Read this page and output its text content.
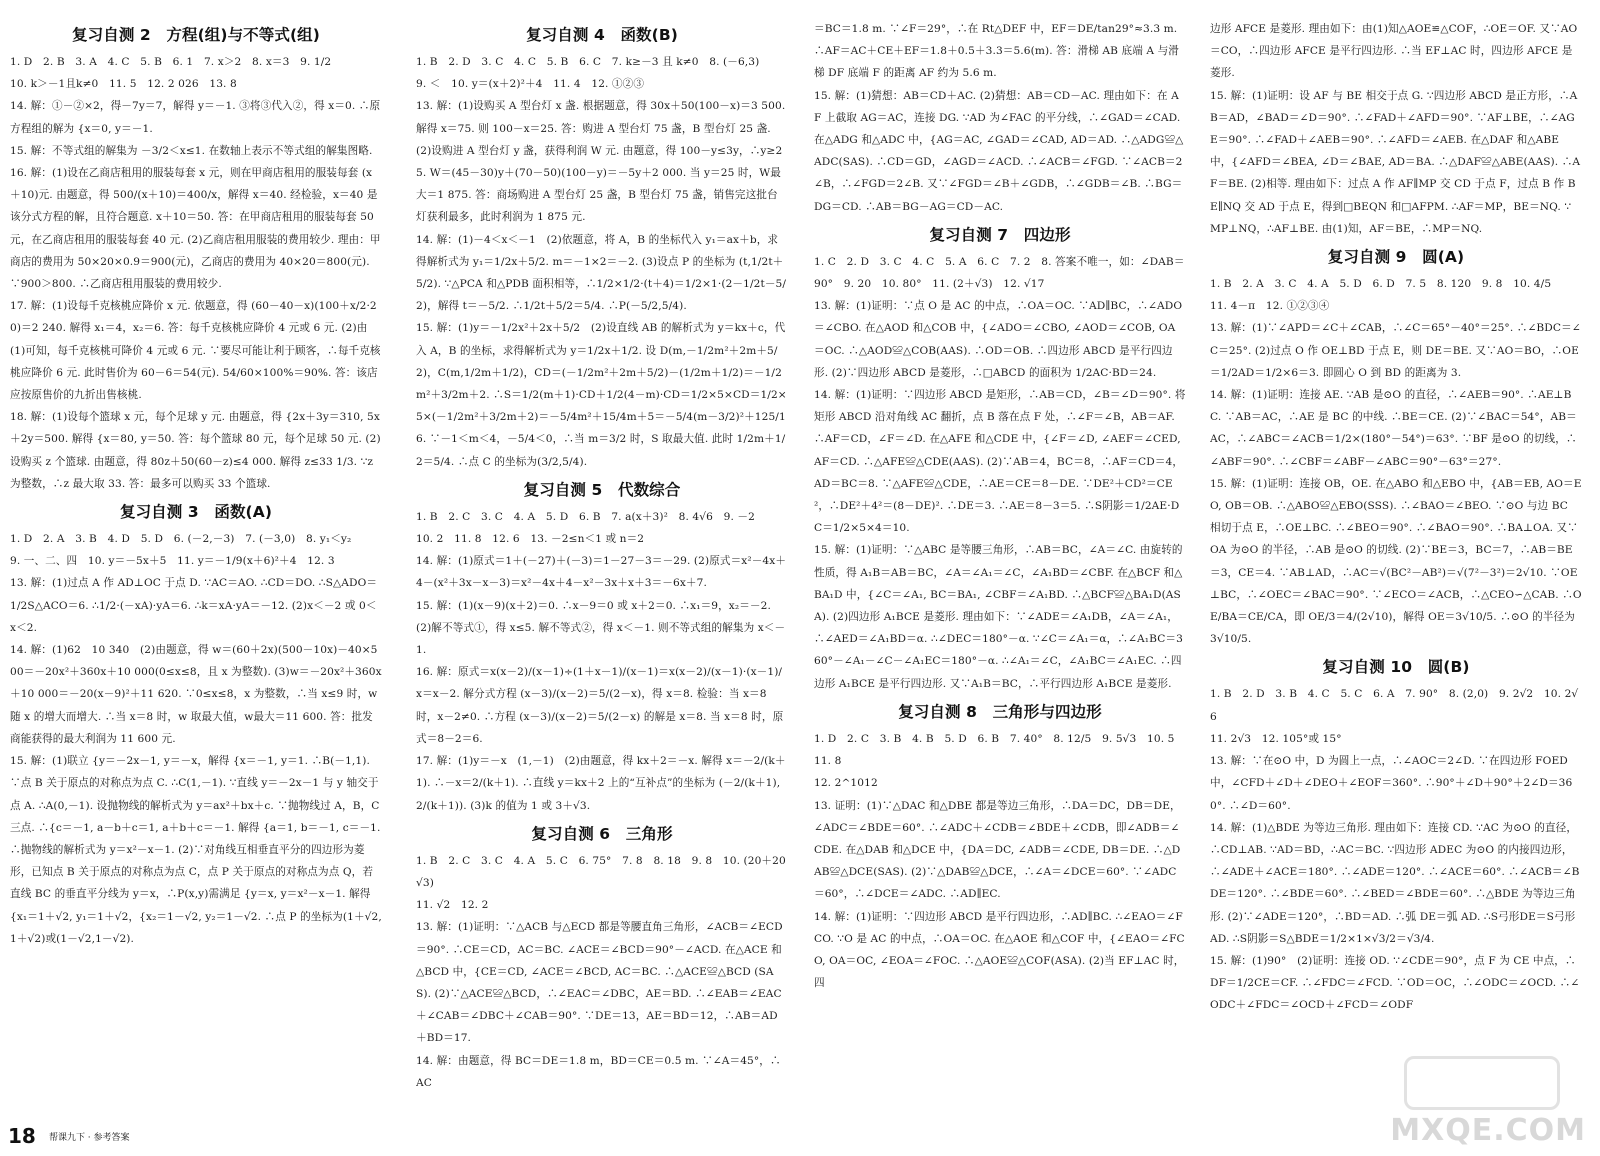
复习自测 2　方程(组)与不等式(组)

1. D　2. B　3. A　4. C　5. B　6. 1　7. x＞2　8. x＝3　9. 1/2

10. k＞－1且k≠0　11. 5　12. 2 026　13. 8

14. 解：①－②×2，得－7y＝7，解得 y＝－1. ③将③代入②，得 x＝0. ∴原方程组的解为 {x＝0, y＝－1.

15. 解：不等式组的解集为 －3/2＜x≤1. 在数轴上表示不等式组的解集图略.

16. 解：(1)设在乙商店租用的服装每套 x 元，则在甲商店租用的服装每套 (x＋10)元. 由题意，得 500/(x＋10)＝400/x，解得 x＝40. 经检验，x＝40 是该分式方程的解，且符合题意. x＋10＝50. 答：在甲商店租用的服装每套 50 元，在乙商店租用的服装每套 40 元. (2)乙商店租用服装的费用较少. 理由：甲商店的费用为 50×20×0.9＝900(元)，乙商店的费用为 40×20＝800(元). ∵900＞800. ∴乙商店租用服装的费用较少.

17. 解：(1)设每千克核桃应降价 x 元. 依题意，得 (60－40－x)(100＋x/2·20)＝2 240. 解得 x₁＝4，x₂＝6. 答：每千克核桃应降价 4 元或 6 元. (2)由(1)可知，每千克核桃可降价 4 元或 6 元. ∵要尽可能让利于顾客，∴每千克核桃应降价 6 元. 此时售价为 60－6＝54(元). 54/60×100%＝90%. 答：该店应按原售价的九折出售核桃.

18. 解：(1)设每个篮球 x 元，每个足球 y 元. 由题意，得 {2x＋3y＝310, 5x＋2y＝500. 解得 {x＝80, y＝50. 答：每个篮球 80 元，每个足球 50 元. (2)设购买 z 个篮球. 由题意，得 80z＋50(60－z)≤4 000. 解得 z≤33 1/3. ∵z 为整数，∴z 最大取 33. 答：最多可以购买 33 个篮球.

复习自测 3　函数(A)

1. D　2. A　3. B　4. D　5. D　6. (－2,－3)　7. (－3,0)　8. y₁＜y₂

9. 一、二、四　10. y＝－5x＋5　11. y＝－1/9(x＋6)²＋4　12. 3

13. 解：(1)过点 A 作 AD⊥OC 于点 D. ∵AC＝AO. ∴CD＝DO. ∴S△ADO＝1/2S△ACO＝6. ∴1/2·(－xA)·yA＝6. ∴k＝xA·yA＝－12. (2)x＜－2 或 0＜x＜2.

14. 解：(1)62　10 340　(2)由题意，得 w＝(60＋2x)(500－10x)－40×500＝－20x²＋360x＋10 000(0≤x≤8，且 x 为整数). (3)w＝－20x²＋360x＋10 000＝－20(x－9)²＋11 620. ∵0≤x≤8，x 为整数，∴当 x≤9 时，w 随 x 的增大而增大. ∴当 x＝8 时，w 取最大值，w最大＝11 600. 答：批发商能获得的最大利润为 11 600 元.

15. 解：(1)联立 {y＝－2x－1, y＝－x，解得 {x＝－1, y＝1. ∴B(－1,1). ∵点 B 关于原点的对称点为点 C. ∴C(1,－1). ∵直线 y＝－2x－1 与 y 轴交于点 A. ∴A(0,－1). 设抛物线的解析式为 y＝ax²＋bx＋c. ∵抛物线过 A，B，C 三点. ∴{c＝－1, a－b＋c＝1, a＋b＋c＝－1. 解得 {a＝1, b＝－1, c＝－1. ∴抛物线的解析式为 y＝x²－x－1. (2)∵对角线互相垂直平分的四边形为菱形，已知点 B 关于原点的对称点为点 C，点 P 关于原点的对称点为点 Q，若直线 BC 的垂直平分线为 y＝x，∴P(x,y)需满足 {y＝x, y＝x²－x－1. 解得 {x₁＝1＋√2, y₁＝1＋√2，{x₂＝1－√2, y₂＝1－√2. ∴点 P 的坐标为(1＋√2,1＋√2)或(1－√2,1－√2).

复习自测 4　函数(B)

1. B　2. D　3. C　4. C　5. B　6. C　7. k≥－3 且 k≠0　8. (－6,3)

9. ＜　10. y＝(x＋2)²＋4　11. 4　12. ①②③

13. 解：(1)设购买 A 型台灯 x 盏. 根据题意，得 30x＋50(100－x)＝3 500. 解得 x＝75. 则 100－x＝25. 答：购进 A 型台灯 75 盏，B 型台灯 25 盏. (2)设购进 A 型台灯 y 盏，获得利润 W 元. 由题意，得 100－y≤3y，∴y≥25. W＝(45－30)y＋(70－50)(100－y)＝－5y＋2 000. 当 y＝25 时，W最大＝1 875. 答：商场购进 A 型台灯 25 盏，B 型台灯 75 盏，销售完这批台灯获利最多，此时利润为 1 875 元.

14. 解：(1)－4＜x＜－1　(2)依题意，将 A，B 的坐标代入 y₁＝ax＋b，求得解析式为 y₁＝1/2x＋5/2. m＝－1×2＝－2. (3)设点 P 的坐标为 (t,1/2t＋5/2). ∵△PCA 和△PDB 面积相等，∴1/2×1/2·(t＋4)＝1/2×1·(2－1/2t－5/2)，解得 t＝－5/2. ∴1/2t＋5/2＝5/4. ∴P(－5/2,5/4).

15. 解：(1)y＝－1/2x²＋2x＋5/2　(2)设直线 AB 的解析式为 y＝kx＋c，代入 A，B 的坐标，求得解析式为 y＝1/2x＋1/2. 设 D(m,－1/2m²＋2m＋5/2)，C(m,1/2m＋1/2)，CD＝(－1/2m²＋2m＋5/2)－(1/2m＋1/2)＝－1/2m²＋3/2m＋2. ∴S＝1/2(m＋1)·CD＋1/2(4－m)·CD＝1/2×5×CD＝1/2×5×(－1/2m²＋3/2m＋2)＝－5/4m²＋15/4m＋5＝－5/4(m－3/2)²＋125/16. ∵－1＜m＜4，－5/4＜0，∴当 m＝3/2 时，S 取最大值. 此时 1/2m＋1/2＝5/4. ∴点 C 的坐标为(3/2,5/4).

复习自测 5　代数综合

1. B　2. C　3. C　4. A　5. D　6. B　7. a(x＋3)²　8. 4√6　9. －2

10. 2　11. 8　12. 6　13. －2≤n＜1 或 n＝2

14. 解：(1)原式＝1＋(－27)＋(－3)＝1－27－3＝－29. (2)原式＝x²－4x＋4－(x²＋3x－x－3)＝x²－4x＋4－x²－3x＋x＋3＝－6x＋7.

15. 解：(1)(x－9)(x＋2)＝0. ∴x－9＝0 或 x＋2＝0. ∴x₁＝9，x₂＝－2. (2)解不等式①，得 x≤5. 解不等式②，得 x＜－1. 则不等式组的解集为 x＜－1.

16. 解：原式＝x(x－2)/(x－1)÷(1＋x－1)/(x－1)＝x(x－2)/(x－1)·(x－1)/x＝x－2. 解分式方程 (x－3)/(x－2)＝5/(2－x)，得 x＝8. 检验：当 x＝8 时，x－2≠0. ∴方程 (x－3)/(x－2)＝5/(2－x) 的解是 x＝8. 当 x＝8 时，原式＝8－2＝6.

17. 解：(1)y＝－x　(1,－1)　(2)由题意，得 kx＋2＝－x. 解得 x＝－2/(k＋1). ∴－x＝2/(k＋1). ∴直线 y＝kx＋2 上的“互补点”的坐标为 (－2/(k＋1),2/(k＋1)). (3)k 的值为 1 或 3＋√3.

复习自测 6　三角形

1. B　2. C　3. C　4. A　5. C　6. 75°　7. 8　8. 18　9. 8　10. (20＋20√3)

11. √2　12. 2

13. 解：(1)证明：∵△ACB 与△ECD 都是等腰直角三角形，∠ACB＝∠ECD＝90°. ∴CE＝CD，AC＝BC. ∠ACE＝∠BCD＝90°－∠ACD. 在△ACE 和△BCD 中，{CE＝CD, ∠ACE＝∠BCD, AC＝BC. ∴△ACE≌△BCD (SAS). (2)∵△ACE≌△BCD，∴∠EAC＝∠DBC，AE＝BD. ∴∠EAB＝∠EAC＋∠CAB＝∠DBC＋∠CAB＝90°. ∵DE＝13，AE＝BD＝12，∴AB＝AD＋BD＝17.

14. 解：由题意，得 BC＝DE＝1.8 m，BD＝CE＝0.5 m. ∵∠A＝45°，∴AC

＝BC＝1.8 m. ∵∠F＝29°，∴在 Rt△DEF 中，EF＝DE/tan29°≈3.3 m. ∴AF＝AC＋CE＋EF＝1.8＋0.5＋3.3＝5.6(m). 答：滑梯 AB 底端 A 与滑梯 DF 底端 F 的距离 AF 约为 5.6 m.

15. 解：(1)猜想：AB＝CD＋AC. (2)猜想：AB＝CD－AC. 理由如下：在 AF 上截取 AG＝AC，连接 DG. ∵AD 为∠FAC 的平分线，∴∠GAD＝∠CAD. 在△ADG 和△ADC 中，{AG＝AC, ∠GAD＝∠CAD, AD＝AD. ∴△ADG≌△ADC(SAS). ∴CD＝GD，∠AGD＝∠ACD. ∴∠ACB＝∠FGD. ∵∠ACB＝2∠B，∴∠FGD＝2∠B. 又∵∠FGD＝∠B＋∠GDB，∴∠GDB＝∠B. ∴BG＝DG＝CD. ∴AB＝BG－AG＝CD－AC.

复习自测 7　四边形

1. C　2. D　3. C　4. C　5. A　6. C　7. 2　8. 答案不唯一，如：∠DAB＝90°　9. 20　10. 80°　11. (2＋√3)　12. √17

13. 解：(1)证明：∵点 O 是 AC 的中点，∴OA＝OC. ∵AD∥BC，∴∠ADO＝∠CBO. 在△AOD 和△COB 中，{∠ADO＝∠CBO, ∠AOD＝∠COB, OA＝OC. ∴△AOD≌△COB(AAS). ∴OD＝OB. ∴四边形 ABCD 是平行四边形. (2)∵四边形 ABCD 是菱形，∴□ABCD 的面积为 1/2AC·BD＝24.

14. 解：(1)证明：∵四边形 ABCD 是矩形，∴AB＝CD，∠B＝∠D＝90°. 将矩形 ABCD 沿对角线 AC 翻折，点 B 落在点 F 处，∴∠F＝∠B，AB＝AF. ∴AF＝CD，∠F＝∠D. 在△AFE 和△CDE 中，{∠F＝∠D, ∠AEF＝∠CED, AF＝CD. ∴△AFE≌△CDE(AAS). (2)∵AB＝4，BC＝8，∴AF＝CD＝4，AD＝BC＝8. ∵△AFE≌△CDE，∴AE＝CE＝8－DE. ∵DE²＋CD²＝CE²，∴DE²＋4²＝(8－DE)². ∴DE＝3. ∴AE＝8－3＝5. ∴S阴影＝1/2AE·DC＝1/2×5×4＝10.

15. 解：(1)证明：∵△ABC 是等腰三角形，∴AB＝BC，∠A＝∠C. 由旋转的性质，得 A₁B＝AB＝BC，∠A＝∠A₁＝∠C，∠A₁BD＝∠CBF. 在△BCF 和△BA₁D 中，{∠C＝∠A₁, BC＝BA₁, ∠CBF＝∠A₁BD. ∴△BCF≌△BA₁D(ASA). (2)四边形 A₁BCE 是菱形. 理由如下：∵∠ADE＝∠A₁DB，∠A＝∠A₁，∴∠AED＝∠A₁BD＝α. ∴∠DEC＝180°－α. ∵∠C＝∠A₁＝α，∴∠A₁BC＝360°－∠A₁－∠C－∠A₁EC＝180°－α. ∴∠A₁＝∠C，∠A₁BC＝∠A₁EC. ∴四边形 A₁BCE 是平行四边形. 又∵A₁B＝BC，∴平行四边形 A₁BCE 是菱形.

复习自测 8　三角形与四边形

1. D　2. C　3. B　4. B　5. D　6. B　7. 40°　8. 12/5　9. 5√3　10. 5　11. 8

12. 2^1012

13. 证明：(1)∵△DAC 和△DBE 都是等边三角形，∴DA＝DC，DB＝DE，∠ADC＝∠BDE＝60°. ∴∠ADC＋∠CDB＝∠BDE＋∠CDB，即∠ADB＝∠CDE. 在△DAB 和△DCE 中，{DA＝DC, ∠ADB＝∠CDE, DB＝DE. ∴△DAB≌△DCE(SAS). (2)∵△DAB≌△DCE，∴∠A＝∠DCE＝60°. ∵∠ADC＝60°，∴∠DCE＝∠ADC. ∴AD∥EC.

14. 解：(1)证明：∵四边形 ABCD 是平行四边形，∴AD∥BC. ∴∠EAO＝∠FCO. ∵O 是 AC 的中点，∴OA＝OC. 在△AOE 和△COF 中，{∠EAO＝∠FCO, OA＝OC, ∠EOA＝∠FOC. ∴△AOE≌△COF(ASA). (2)当 EF⊥AC 时，四

边形 AFCE 是菱形. 理由如下：由(1)知△AOE≌△COF，∴OE＝OF. 又∵AO＝CO，∴四边形 AFCE 是平行四边形. ∴当 EF⊥AC 时，四边形 AFCE 是菱形.

15. 解：(1)证明：设 AF 与 BE 相交于点 G. ∵四边形 ABCD 是正方形，∴AB＝AD，∠BAD＝∠D＝90°. ∴∠FAD＋∠AFD＝90°. ∵AF⊥BE，∴∠AGE＝90°. ∴∠FAD＋∠AEB＝90°. ∴∠AFD＝∠AEB. 在△DAF 和△ABE 中，{∠AFD＝∠BEA, ∠D＝∠BAE, AD＝BA. ∴△DAF≌△ABE(AAS). ∴AF＝BE. (2)相等. 理由如下：过点 A 作 AF∥MP 交 CD 于点 F，过点 B 作 BE∥NQ 交 AD 于点 E，得到□BEQN 和□AFPM. ∴AF＝MP，BE＝NQ. ∵MP⊥NQ，∴AF⊥BE. 由(1)知，AF＝BE，∴MP＝NQ.

复习自测 9　圆(A)

1. B　2. A　3. C　4. A　5. D　6. D　7. 5　8. 120　9. 8　10. 4/5

11. 4－π　12. ①②③④

13. 解：(1)∵∠APD＝∠C＋∠CAB，∴∠C＝65°－40°＝25°. ∴∠BDC＝∠C＝25°. (2)过点 O 作 OE⊥BD 于点 E，则 DE＝BE. 又∵AO＝BO，∴OE＝1/2AD＝1/2×6＝3. 即圆心 O 到 BD 的距离为 3.

14. 解：(1)证明：连接 AE. ∵AB 是⊙O 的直径，∴∠AEB＝90°. ∴AE⊥BC. ∵AB＝AC，∴AE 是 BC 的中线. ∴BE＝CE. (2)∵∠BAC＝54°，AB＝AC，∴∠ABC＝∠ACB＝1/2×(180°－54°)＝63°. ∵BF 是⊙O 的切线，∴∠ABF＝90°. ∴∠CBF＝∠ABF－∠ABC＝90°－63°＝27°.

15. 解：(1)证明：连接 OB，OE. 在△ABO 和△EBO 中，{AB＝EB, AO＝EO, OB＝OB. ∴△ABO≌△EBO(SSS). ∴∠BAO＝∠BEO. ∵⊙O 与边 BC 相切于点 E，∴OE⊥BC. ∴∠BEO＝90°. ∴∠BAO＝90°. ∴BA⊥OA. 又∵OA 为⊙O 的半径，∴AB 是⊙O 的切线. (2)∵BE＝3，BC＝7，∴AB＝BE＝3，CE＝4. ∵AB⊥AD，∴AC＝√(BC²－AB²)＝√(7²－3²)＝2√10. ∵OE⊥BC，∴∠OEC＝∠BAC＝90°. ∵∠ECO＝∠ACB，∴△CEO∽△CAB. ∴OE/BA＝CE/CA，即 OE/3＝4/(2√10)，解得 OE＝3√10/5. ∴⊙O 的半径为 3√10/5.

复习自测 10　圆(B)

1. B　2. D　3. B　4. C　5. C　6. A　7. 90°　8. (2,0)　9. 2√2　10. 2√6

11. 2√3　12. 105°或 15°

13. 解：∵在⊙O 中，D 为圆上一点，∴∠AOC＝2∠D. ∵在四边形 FOED 中，∠CFD＋∠D＋∠DEO＋∠EOF＝360°. ∴90°＋∠D＋90°＋2∠D＝360°. ∴∠D＝60°.

14. 解：(1)△BDE 为等边三角形. 理由如下：连接 CD. ∵AC 为⊙O 的直径，∴CD⊥AB. ∵AD＝BD，∴AC＝BC. ∵四边形 ADEC 为⊙O 的内接四边形，∴∠ADE＋∠ACE＝180°. ∴∠ADE＝120°. ∴∠ACE＝60°. ∴∠ACB＝∠BDE＝120°. ∴∠BDE＝60°. ∴∠BED＝∠BDE＝60°. ∴△BDE 为等边三角形. (2)∵∠ADE＝120°，∴BD＝AD. ∴弧 DE＝弧 AD. ∴S弓形DE＝S弓形AD. ∴S阴影＝S△BDE＝1/2×1×√3/2＝√3/4.

15. 解：(1)90°　(2)证明：连接 OD. ∵∠CDE＝90°，点 F 为 CE 中点，∴DF＝1/2CE＝CF. ∴∠FDC＝∠FCD. ∵OD＝OC，∴∠ODC＝∠OCD. ∴∠ODC＋∠FDC＝∠OCD＋∠FCD＝∠ODF

18 帮课九下 · 参考答案	MXQE.COM
